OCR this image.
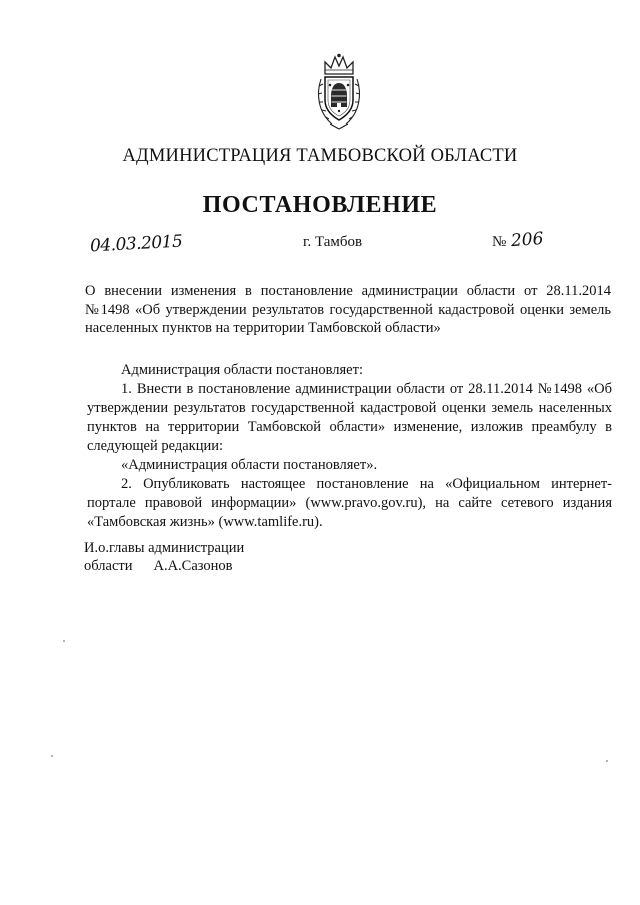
АДМИНИСТРАЦИЯ ТАМБОВСКОЙ ОБЛАСТИ
ПОСТАНОВЛЕНИЕ
04.03.2015	г. Тамбов	№ 206

О внесении изменения в постановление администрации области от 28.11.2014 №1498 «Об утверждении результатов государственной кадастровой оценки земель населенных пунктов на территории Тамбовской области»

Администрация области постановляет:

1. Внести в постановление администрации области от 28.11.2014 №1498 «Об утверждении результатов государственной кадастровой оценки земель населенных пунктов на территории Тамбовской области» изменение, изложив преамбулу в следующей редакции:

«Администрация области постановляет».

2. Опубликовать настоящее постановление на «Официальном интернет-портале правовой информации» (www.pravo.gov.ru), на сайте сетевого издания «Тамбовская жизнь» (www.tamlife.ru).

И.о.главы администрации
области А.А.Сазонов
